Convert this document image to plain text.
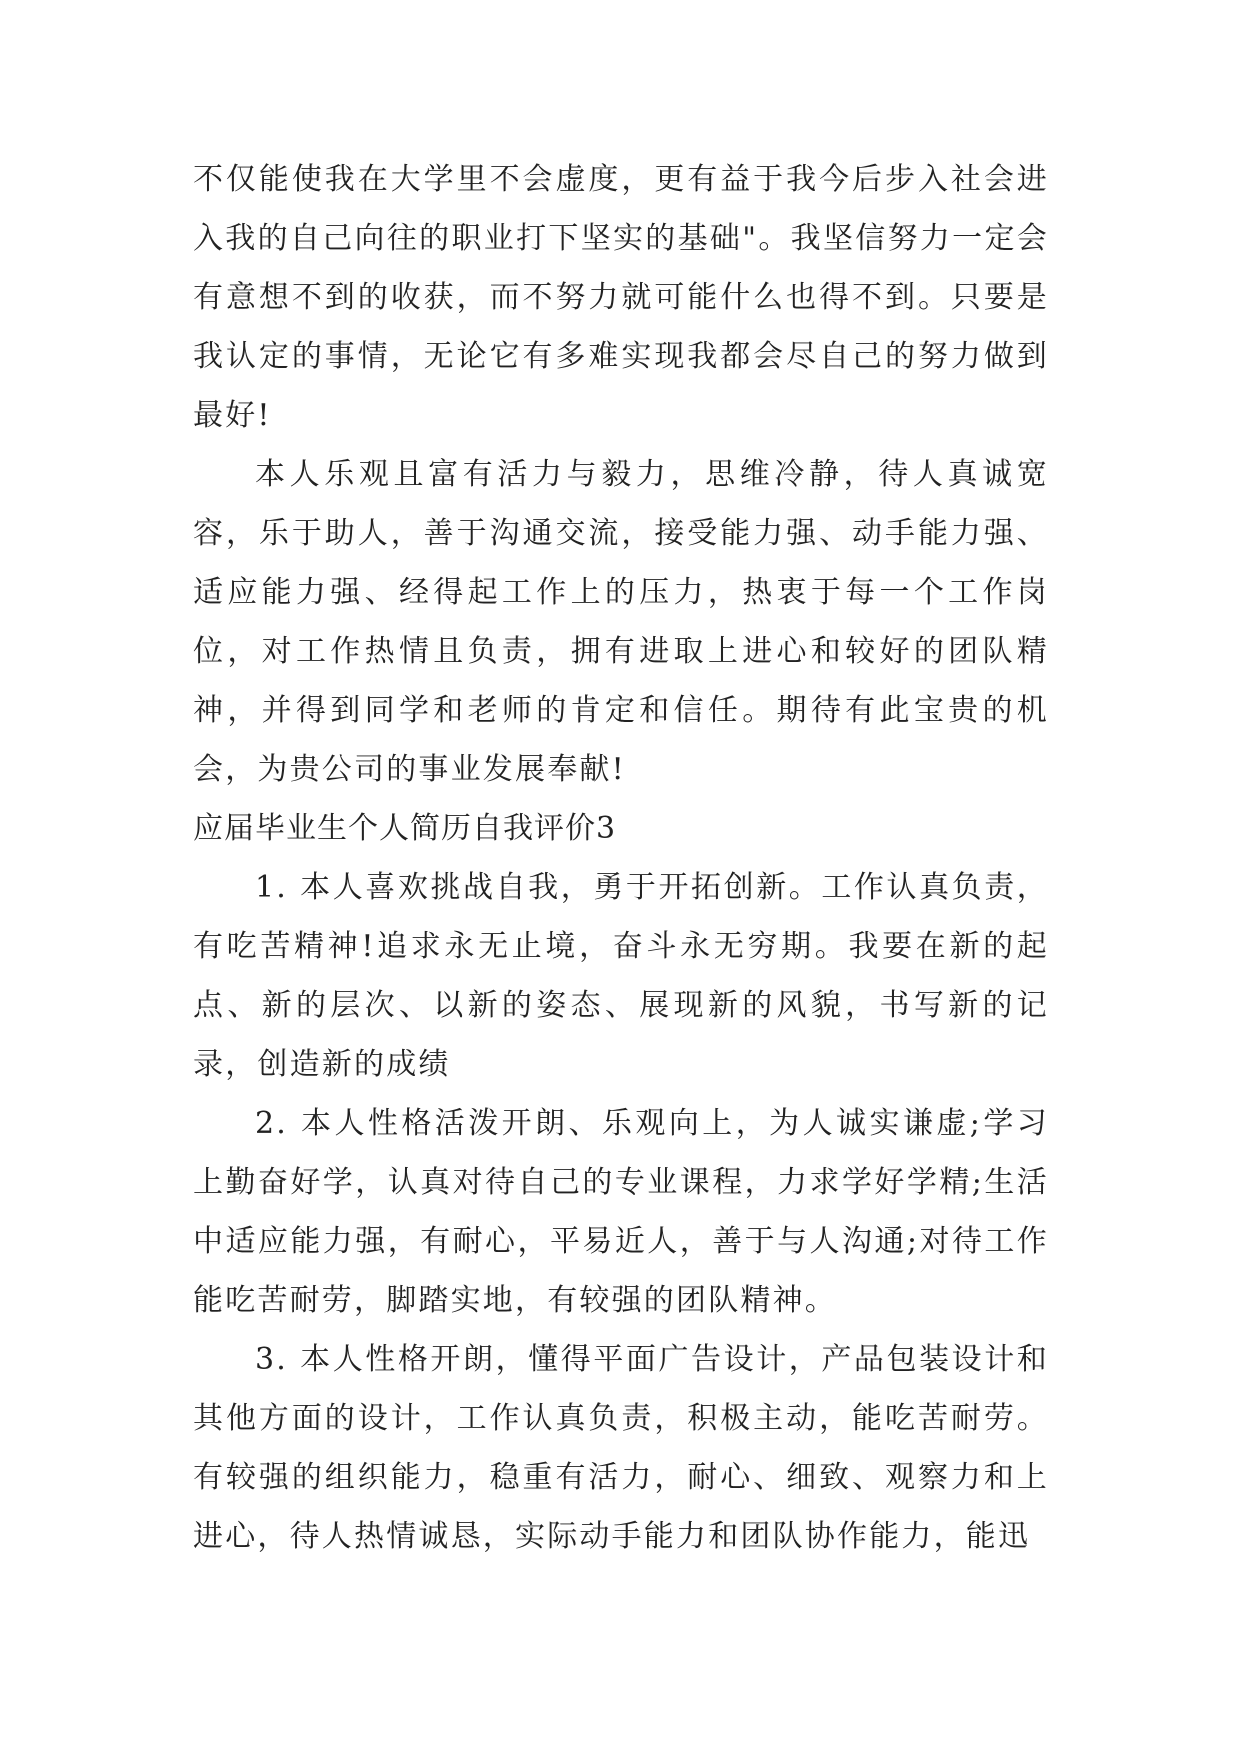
不仅能使我在大学里不会虚度，更有益于我今后步入社会进入我的自己向往的职业打下坚实的基础"。我坚信努力一定会有意想不到的收获，而不努力就可能什么也得不到。只要是我认定的事情，无论它有多难实现我都会尽自己的努力做到最好!

本人乐观且富有活力与毅力，思维冷静，待人真诚宽容，乐于助人，善于沟通交流，接受能力强、动手能力强、适应能力强、经得起工作上的压力，热衷于每一个工作岗位，对工作热情且负责，拥有进取上进心和较好的团队精神，并得到同学和老师的肯定和信任。期待有此宝贵的机会，为贵公司的事业发展奉献!

应届毕业生个人简历自我评价3

1. 本人喜欢挑战自我，勇于开拓创新。工作认真负责，有吃苦精神!追求永无止境，奋斗永无穷期。我要在新的起点、新的层次、以新的姿态、展现新的风貌，书写新的记录，创造新的成绩

2. 本人性格活泼开朗、乐观向上，为人诚实谦虚;学习上勤奋好学，认真对待自己的专业课程，力求学好学精;生活中适应能力强，有耐心，平易近人，善于与人沟通;对待工作能吃苦耐劳，脚踏实地，有较强的团队精神。

3. 本人性格开朗，懂得平面广告设计，产品包装设计和其他方面的设计，工作认真负责，积极主动，能吃苦耐劳。有较强的组织能力，稳重有活力，耐心、细致、观察力和上进心，待人热情诚恳，实际动手能力和团队协作能力，能迅
